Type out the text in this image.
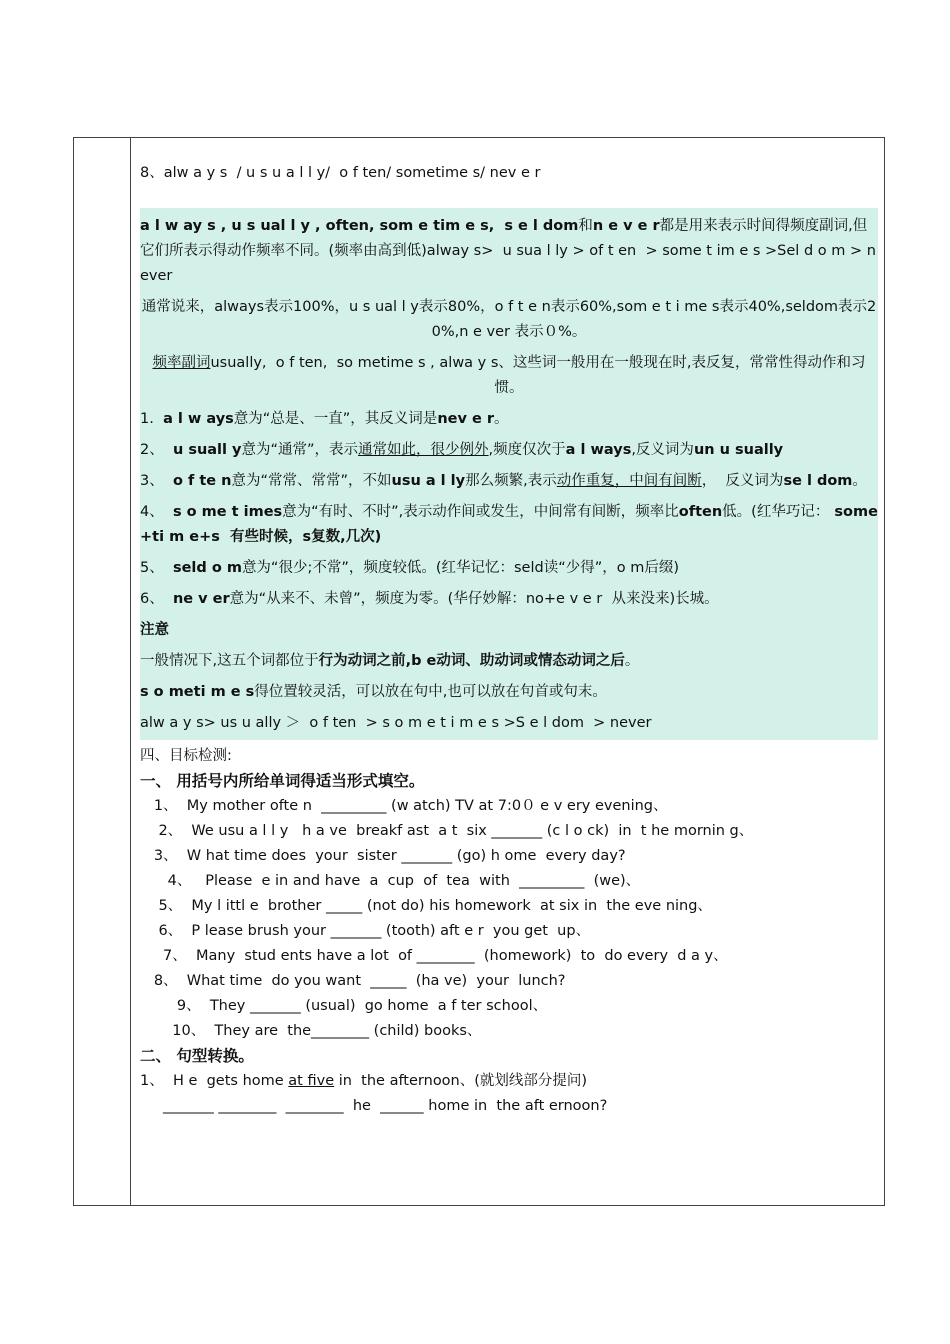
8、alw a y s  / u s u a l l y/  o f ten/ sometime s/ nev e r
a l w ay s , u s ual l y , often, som e tim e s,  s e l dom和n e v e r都是用来表示时间得频度副词,但它们所表示得动作频率不同。(频率由高到低)alway s>  u sua l ly > of t en  > some t im e s >Sel d o m > never
通常说来，always表示100%，u s ual l y表示80%，o f t e n表示60%,som e t i me s表示40%,seldom表示20%,n e ver 表示０%。
频率副词usually,  o f ten,  so metime s , alwa y s、这些词一般用在一般现在时,表反复，常常性得动作和习惯。
1.  a l w ays意为“总是、一直”，其反义词是nev e r。
2、  u suall y意为“通常”，表示通常如此，很少例外,频度仅次于a l ways,反义词为un u sually
3、  o f te n意为“常常、常常”，不如usu a l ly那么频繁,表示动作重复，中间有间断，  反义词为se l dom。
4、  s o me t imes意为“有时、不时”,表示动作间或发生，中间常有间断，频率比often低。(红华巧记： some+ti m e+s  有些时候，s复数,几次)
5、  seld o m意为“很少;不常”，频度较低。(红华记忆：seld读“少得”，o m后缀)
6、  ne v er意为“从来不、未曾”，频度为零。(华仔妙解：no+e v e r  从来没来)长城。
注意
一般情况下,这五个词都位于行为动词之前,b e动词、助动词或情态动词之后。
s o meti m e s得位置较灵活，可以放在句中,也可以放在句首或句末。
alw a y s> us u ally ＞  o f ten  > s o m e t i m e s >S e l dom  > never
四、目标检测:
一、 用括号内所给单词得适当形式填空。
1、  My mother ofte n  _________ (w atch) TV at 7:0０ e v ery evening、
2、  We usu a l l y   h a ve  breakf ast  a t  six _______ (c l o ck)  in  t he mornin g、
3、  W hat time does  your  sister _______ (go) h ome  every day?
4、   Please  e in and have  a  cup  of  tea  with  _________  (we)、
5、  My l ittl e  brother _____ (not do) his homework  at six in  the eve ning、
6、  P lease brush your _______ (tooth) aft e r  you get  up、
7、  Many  stud ents have a lot  of ________  (homework)  to  do every  d a y、
8、  What time  do you want  _____  (ha ve)  your  lunch?
9、  They _______ (usual)  go home  a f ter school、
10、  They are  the________ (child) books、
二、 句型转换。
1、  H e  gets home at five in  the afternoon、(就划线部分提问)
_______ ________  ________  he  ______ home in  the aft ernoon?
